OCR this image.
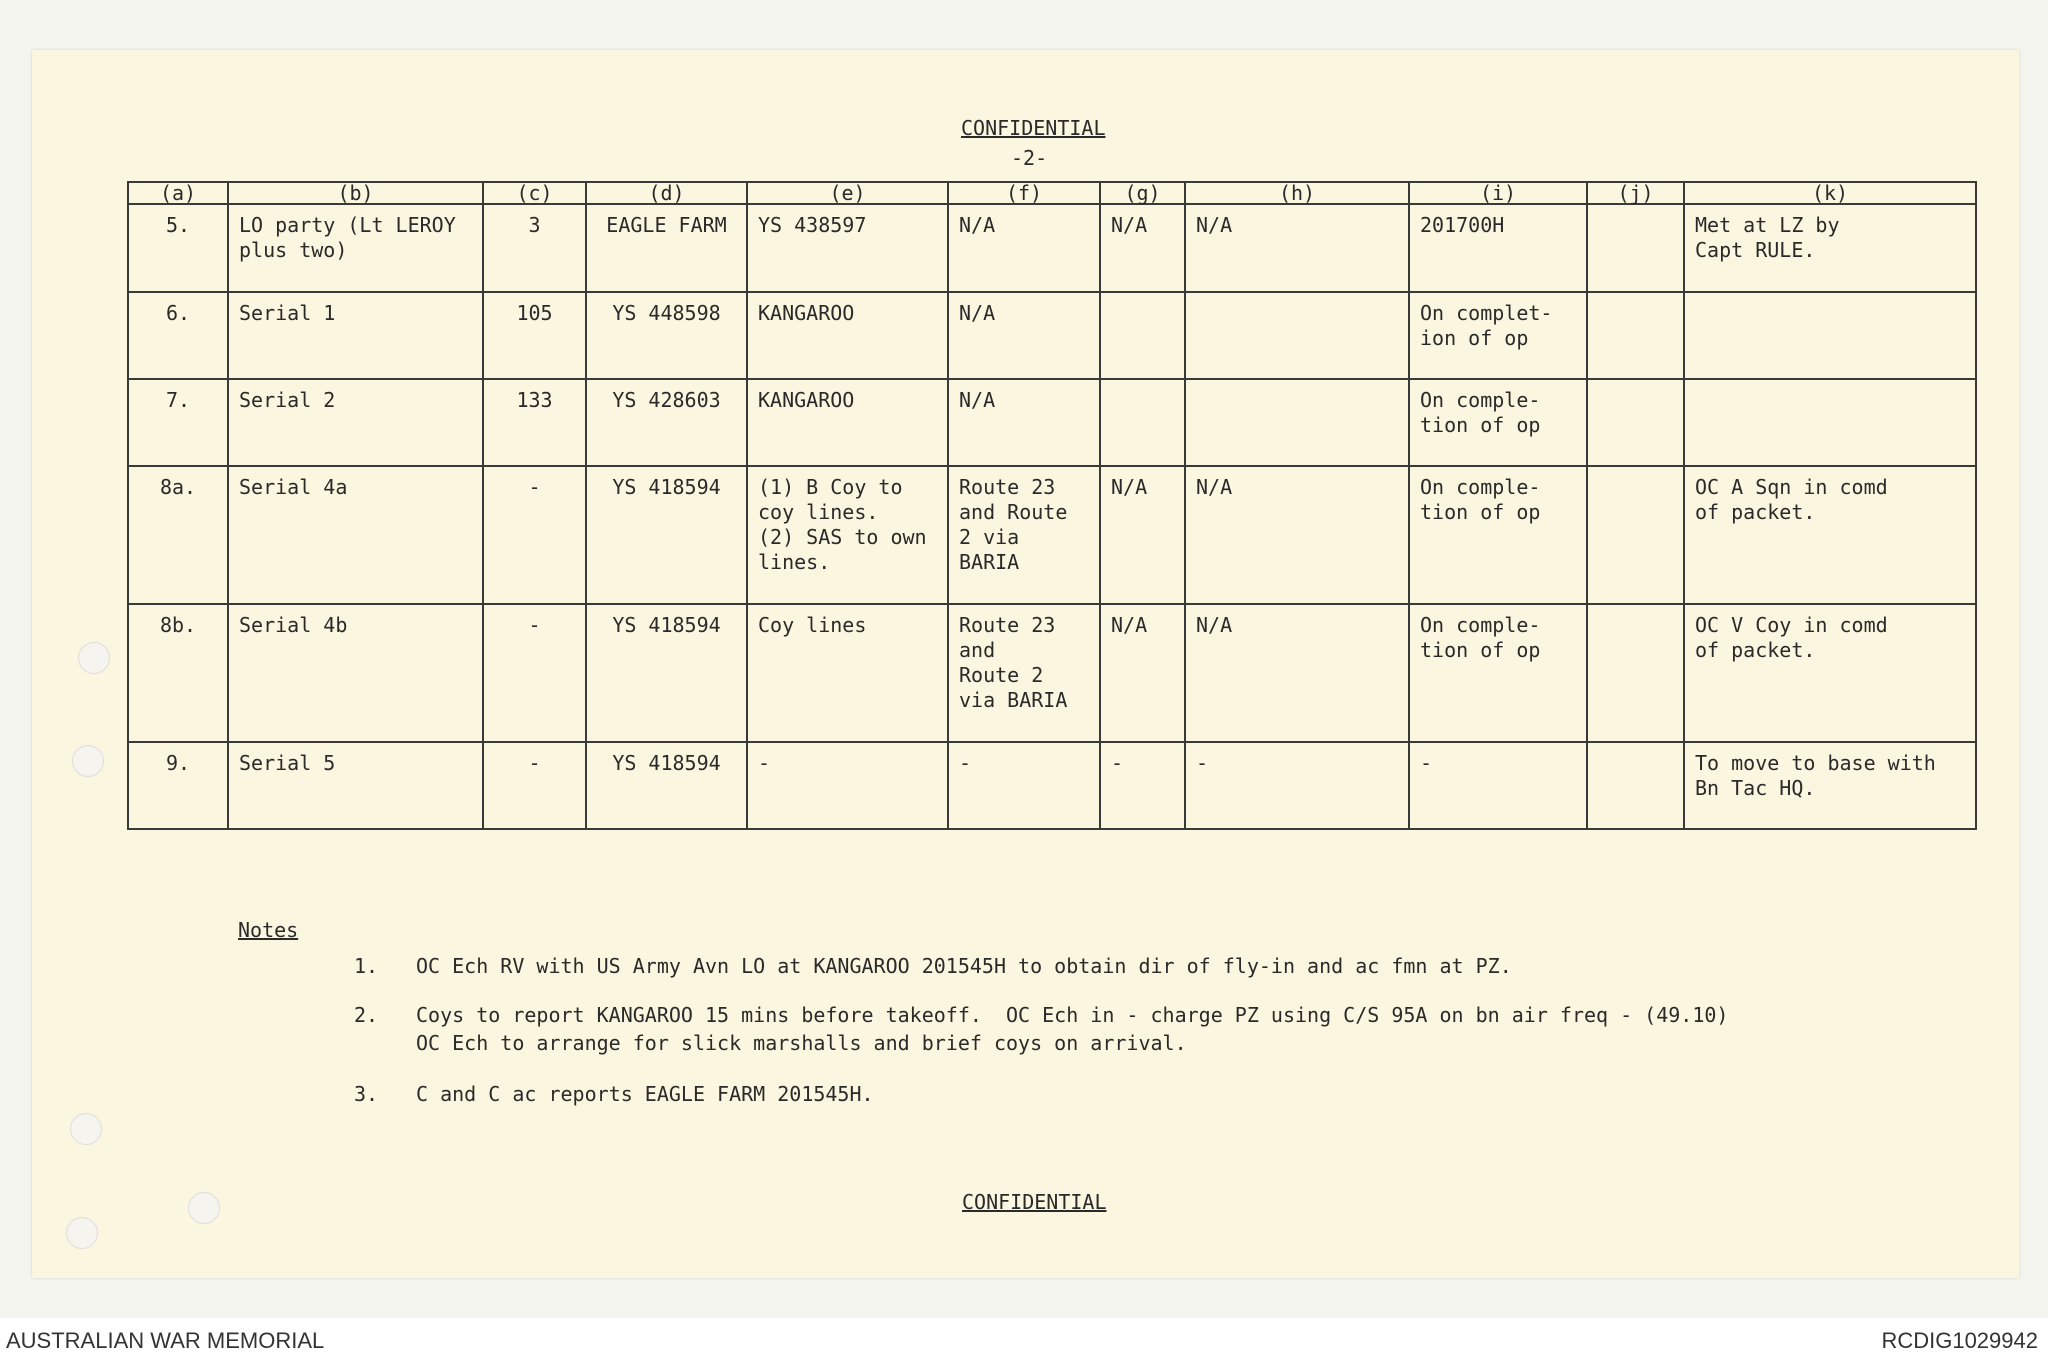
CONFIDENTIAL
-2-
(a)	(b)	(c)	(d)	(e)	(f)	(g)	(h)	(i)	(j)	(k)
5.	LO party (Lt LEROY
plus two)	3	EAGLE FARM	YS 438597	N/A	N/A	N/A	201700H		Met at LZ by
Capt RULE.
6.	Serial 1	105	YS 448598	KANGAROO	N/A			On complet-
ion of op		
7.	Serial 2	133	YS 428603	KANGAROO	N/A			On comple-
tion of op		
8a.	Serial 4a	-	YS 418594	(1) B Coy to
coy lines.
(2) SAS to own
lines.	Route 23
and Route
2 via
BARIA	N/A	N/A	On comple-
tion of op		OC A Sqn in comd
of packet.
8b.	Serial 4b	-	YS 418594	Coy lines	Route 23
and
Route 2
via BARIA	N/A	N/A	On comple-
tion of op		OC V Coy in comd
of packet.
9.	Serial 5	-	YS 418594	-	-	-	-	-		To move to base with
Bn Tac HQ.
Notes
1. OC Ech RV with US Army Avn LO at KANGAROO 201545H to obtain dir of fly-in and ac fmn at PZ.
2. Coys to report KANGAROO 15 mins before takeoff.  OC Ech in - charge PZ using C/S 95A on bn air freq - (49.10)
OC Ech to arrange for slick marshalls and brief coys on arrival.
3. C and C ac reports EAGLE FARM 201545H.
CONFIDENTIAL
AUSTRALIAN WAR MEMORIAL	RCDIG1029942
